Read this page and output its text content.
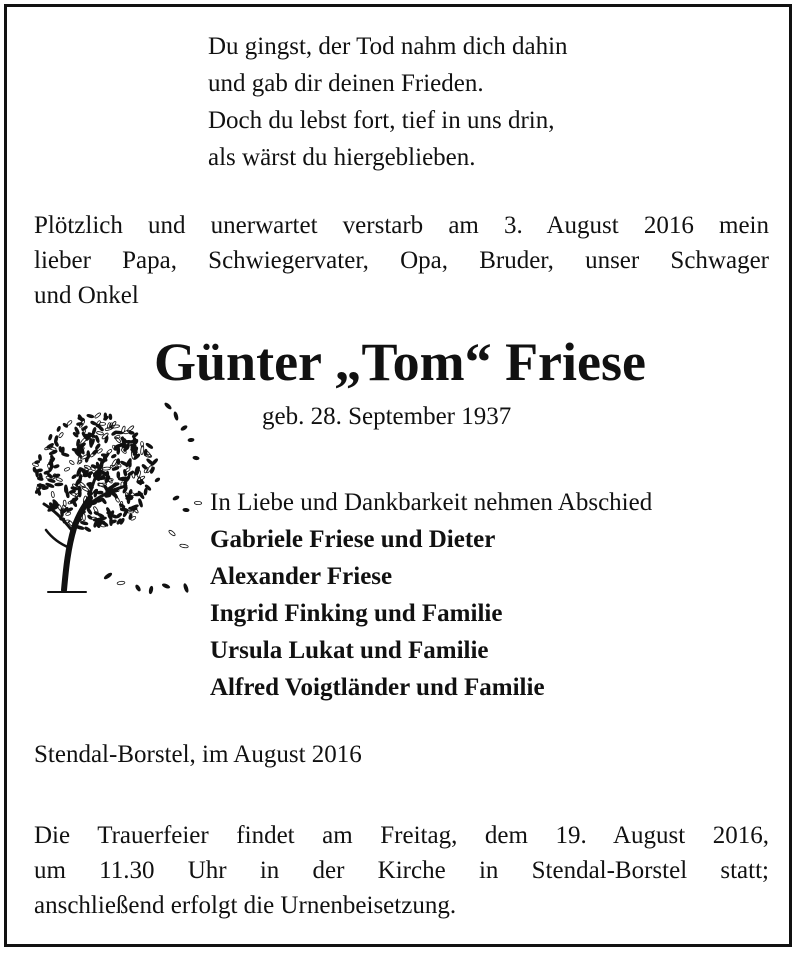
Du gingst, der Tod nahm dich dahin
und gab dir deinen Frieden.
Doch du lebst fort, tief in uns drin,
als wärst du hiergeblieben.
Plötzlich und unerwartet verstarb am 3. August 2016 mein
lieber Papa, Schwiegervater, Opa, Bruder, unser Schwager
und Onkel
Günter „Tom“ Friese
geb. 28. September 1937
In Liebe und Dankbarkeit nehmen Abschied
Gabriele Friese und Dieter
Alexander Friese
Ingrid Finking und Familie
Ursula Lukat und Familie
Alfred Voigtländer und Familie
Stendal-Borstel, im August 2016
Die Trauerfeier findet am Freitag, dem 19. August 2016,
um 11.30 Uhr in der Kirche in Stendal-Borstel statt;
anschließend erfolgt die Urnenbeisetzung.
